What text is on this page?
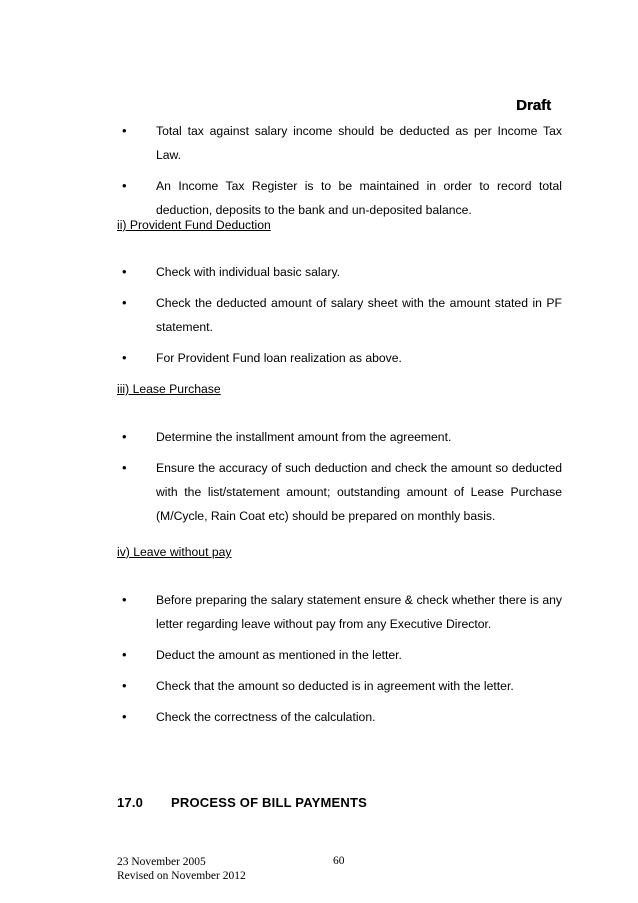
Draft
• Total tax against salary income should be deducted as per Income Tax Law.
• An Income Tax Register is to be maintained in order to record total deduction, deposits to the bank and un-deposited balance.
ii) Provident Fund Deduction
• Check with individual basic salary.
• Check the deducted amount of salary sheet with the amount stated in PF statement.
• For Provident Fund loan realization as above.
iii) Lease Purchase
• Determine the installment amount from the agreement.
• Ensure the accuracy of such deduction and check the amount so deducted with the list/statement amount; outstanding amount of Lease Purchase (M/Cycle, Rain Coat etc) should be prepared on monthly basis.
iv) Leave without pay
• Before preparing the salary statement ensure & check whether there is any letter regarding leave without pay from any Executive Director.
• Deduct the amount as mentioned in the letter.
• Check that the amount so deducted is in agreement with the letter.
• Check the correctness of the calculation.
17.0 PROCESS OF BILL PAYMENTS
23 November 2005
Revised on November 2012
60
